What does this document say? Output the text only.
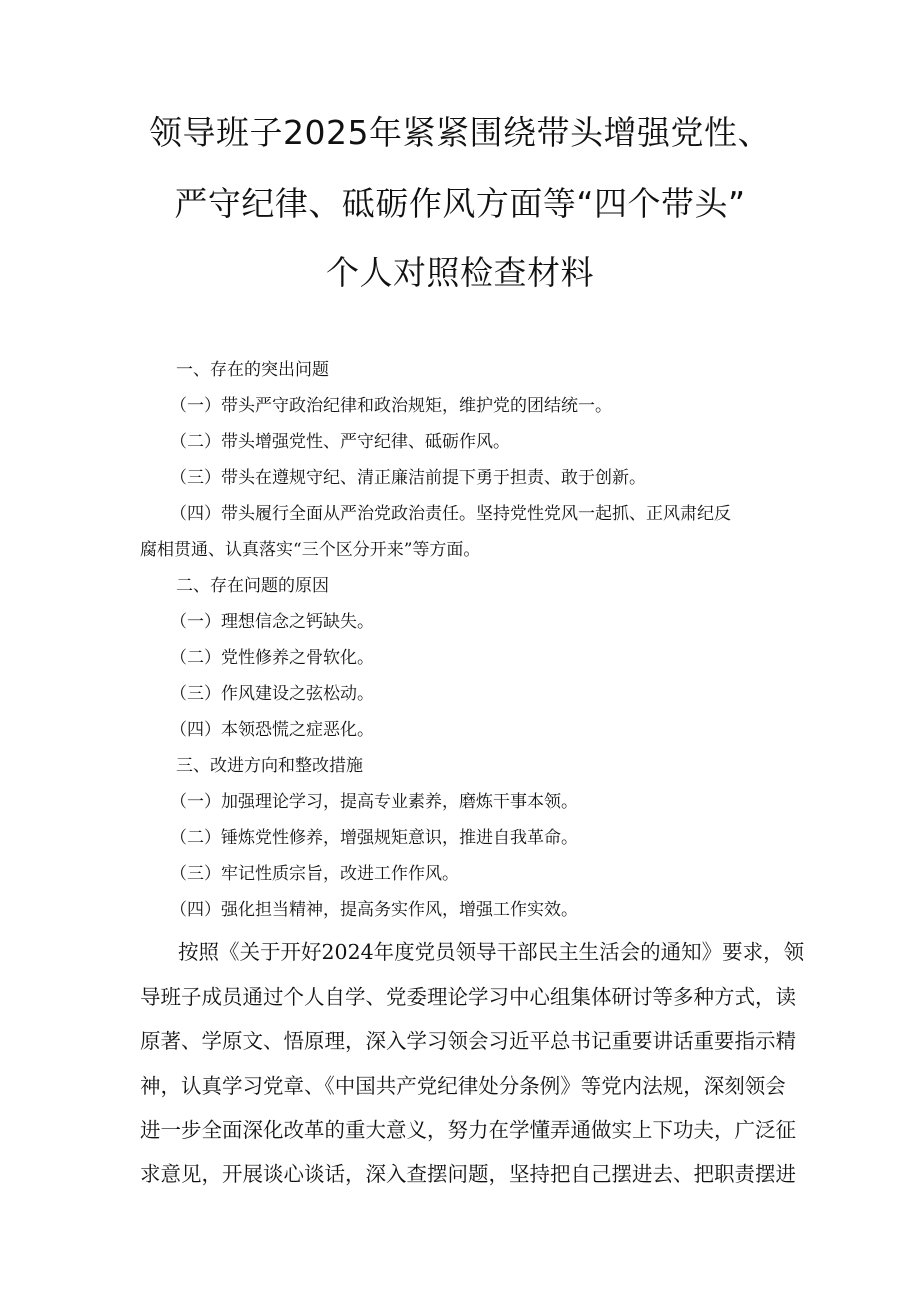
领导班子2025年紧紧围绕带头增强党性、
严守纪律、砥砺作风方面等“四个带头”
个人对照检查材料
一、存在的突出问题
（一）带头严守政治纪律和政治规矩，维护党的团结统一。
（二）带头增强党性、严守纪律、砥砺作风。
（三）带头在遵规守纪、清正廉洁前提下勇于担责、敢于创新。
（四）带头履行全面从严治党政治责任。坚持党性党风一起抓、正风肃纪反
腐相贯通、认真落实“三个区分开来”等方面。
二、存在问题的原因
（一）理想信念之钙缺失。
（二）党性修养之骨软化。
（三）作风建设之弦松动。
（四）本领恐慌之症恶化。
三、改进方向和整改措施
（一）加强理论学习，提高专业素养，磨炼干事本领。
（二）锤炼党性修养，增强规矩意识，推进自我革命。
（三）牢记性质宗旨，改进工作作风。
（四）强化担当精神，提高务实作风，增强工作实效。
按照《关于开好2024年度党员领导干部民主生活会的通知》要求，领
导班子成员通过个人自学、党委理论学习中心组集体研讨等多种方式，读
原著、学原文、悟原理，深入学习领会习近平总书记重要讲话重要指示精
神，认真学习党章、《中国共产党纪律处分条例》等党内法规，深刻领会
进一步全面深化改革的重大意义，努力在学懂弄通做实上下功夫，广泛征
求意见，开展谈心谈话，深入查摆问题，坚持把自己摆进去、把职责摆进
